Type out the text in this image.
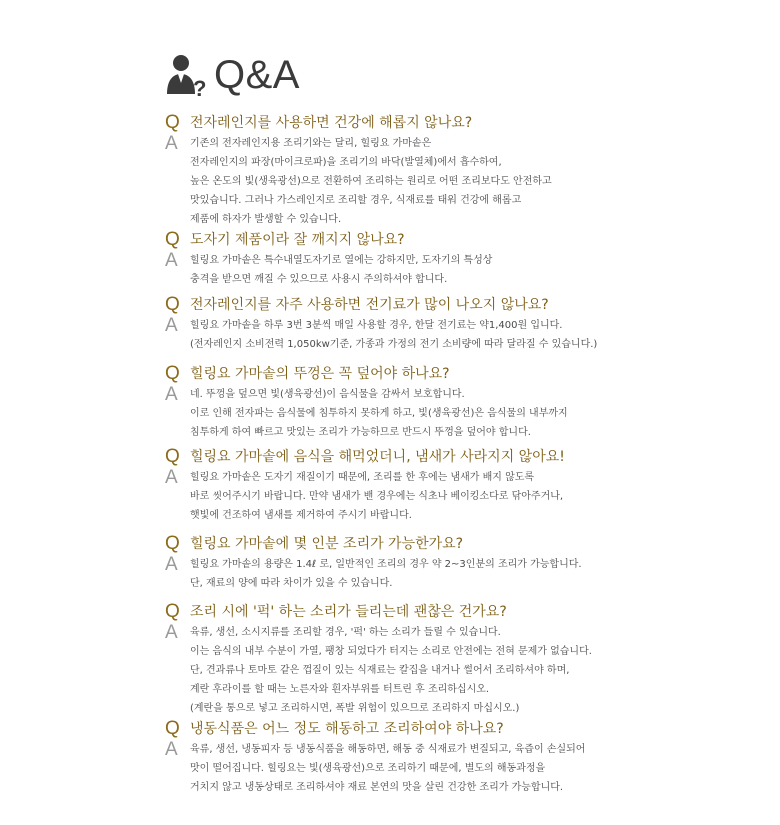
? Q&A
Q 전자레인지를 사용하면 건강에 해롭지 않나요?
A	기존의 전자레인지용 조리기와는 달리, 힐링요 가마솥은
전자레인지의 파장(마이크로파)을 조리기의 바닥(발열체)에서 흡수하여,
높은 온도의 빛(생육광선)으로 전환하여 조리하는 원리로 어떤 조리보다도 안전하고
맛있습니다. 그러나 가스레인지로 조리할 경우, 식재료를 태워 건강에 해롭고
제품에 하자가 발생할 수 있습니다.
Q 도자기 제품이라 잘 깨지지 않나요?
A	힐링요 가마솥은 특수내열도자기로 열에는 강하지만, 도자기의 특성상
충격을 받으면 깨질 수 있으므로 사용시 주의하셔야 합니다.
Q 전자레인지를 자주 사용하면 전기료가 많이 나오지 않나요?
A	힐링요 가마솥을 하루 3번 3분씩 매일 사용할 경우, 한달 전기료는 약1,400원 입니다.
(전자레인지 소비전력 1,050kw기준, 가종과 가정의 전기 소비량에 따라 달라질 수 있습니다.)
Q 힐링요 가마솥의 뚜껑은 꼭 덮어야 하나요?
A	네. 뚜껑을 덮으면 빛(생육광선)이 음식물을 감싸서 보호합니다.
이로 인해 전자파는 음식물에 침투하지 못하게 하고, 빛(생육광선)은 음식물의 내부까지
침투하게 하여 빠르고 맛있는 조리가 가능하므로 반드시 뚜껑을 덮어야 합니다.
Q 힐링요 가마솥에 음식을 해먹었더니, 냄새가 사라지지 않아요!
A	힐링요 가마솥은 도자기 재질이기 때문에, 조리를 한 후에는 냄새가 배지 않도록
바로 씻어주시기 바랍니다. 만약 냄새가 밴 경우에는 식초나 베이킹소다로 닦아주거나,
햇빛에 건조하여 냄새를 제거하여 주시기 바랍니다.
Q 힐링요 가마솥에 몇 인분 조리가 가능한가요?
A	힐링요 가마솥의 용량은 1.4ℓ 로, 일반적인 조리의 경우 약 2~3인분의 조리가 가능합니다.
단, 재료의 양에 따라 차이가 있을 수 있습니다.
Q 조리 시에 '퍽' 하는 소리가 들리는데 괜찮은 건가요?
A	육류, 생선, 소시지류를 조리할 경우, '퍽' 하는 소리가 들릴 수 있습니다.
이는 음식의 내부 수분이 가열, 팽창 되었다가 터지는 소리로 안전에는 전혀 문제가 없습니다.
단, 견과류나 토마토 같은 껍질이 있는 식재료는 칼집을 내거나 썰어서 조리하셔야 하며,
계란 후라이를 할 때는 노른자와 흰자부위를 터트린 후 조리하십시오.
(계란을 통으로 넣고 조리하시면, 폭발 위험이 있으므로 조리하지 마십시오.)
Q 냉동식품은 어느 정도 해동하고 조리하여야 하나요?
A	육류, 생선, 냉동피자 등 냉동식품을 해동하면, 해동 중 식재료가 변질되고, 육즙이 손실되어
맛이 떨어집니다. 힐링요는 빛(생육광선)으로 조리하기 때문에, 별도의 해동과정을
거치지 않고 냉동상태로 조리하셔야 재료 본연의 맛을 살린 건강한 조리가 가능합니다.
